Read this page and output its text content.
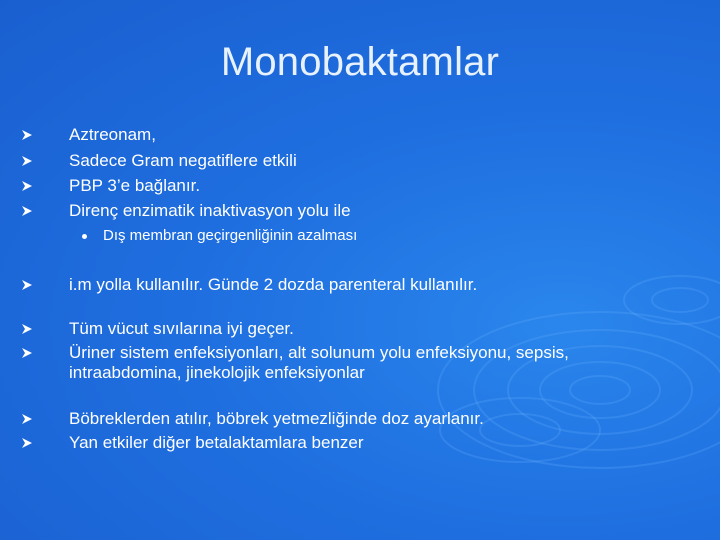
Monobaktamlar
Aztreonam,
Sadece Gram negatiflere etkili
PBP 3’e bağlanır.
Direnç enzimatik inaktivasyon yolu ile
Dış membran geçirgenliğinin azalması
i.m yolla kullanılır. Günde 2 dozda parenteral kullanılır.
Tüm vücut sıvılarına iyi geçer.
Üriner sistem enfeksiyonları, alt solunum yolu enfeksiyonu, sepsis,
intraabdomina, jinekolojik enfeksiyonlar
Böbreklerden atılır, böbrek yetmezliğinde doz ayarlanır.
Yan etkiler diğer betalaktamlara benzer
